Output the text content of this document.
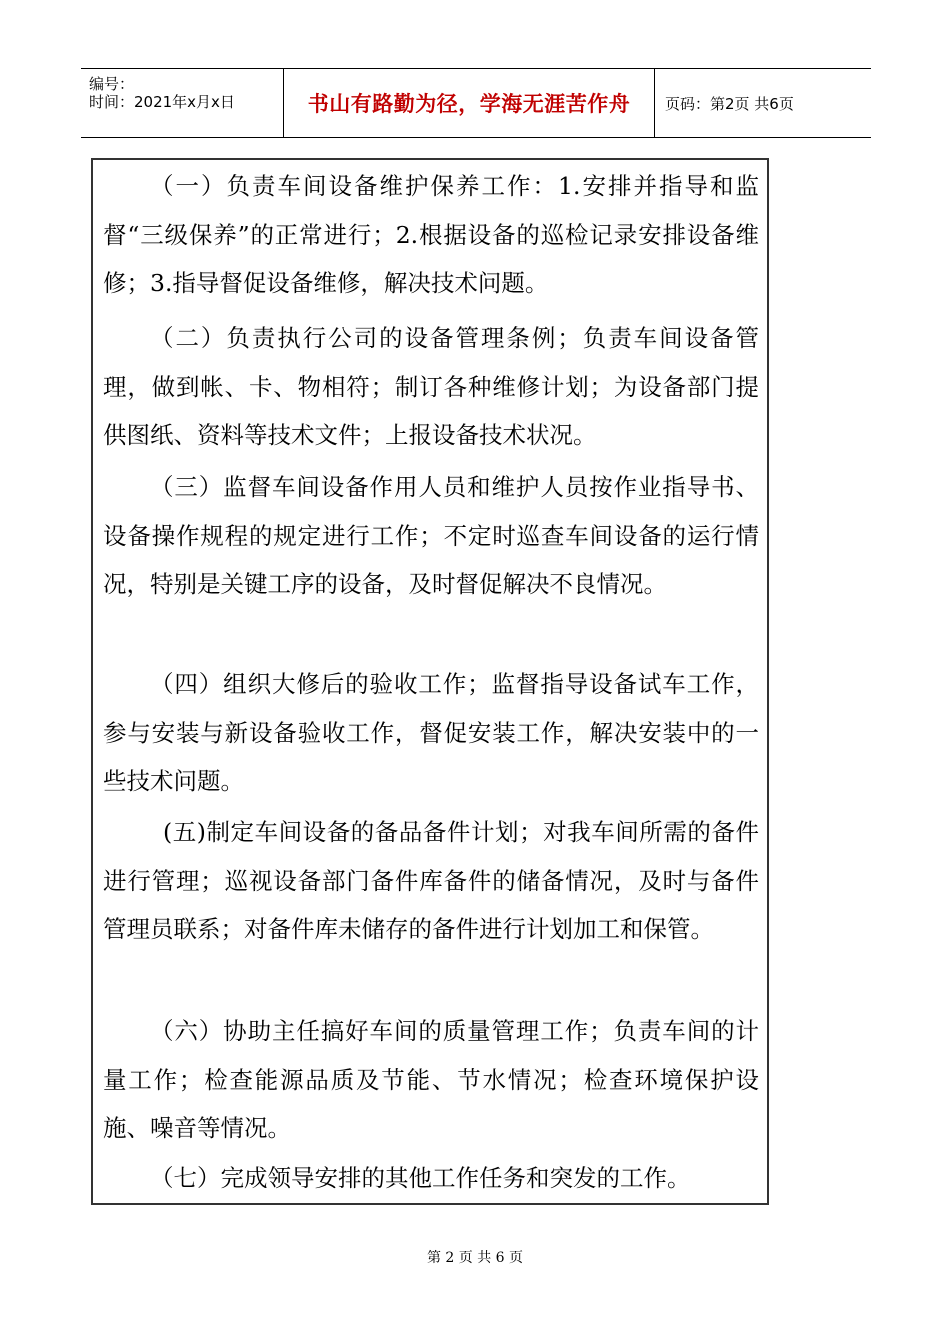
编号：
时间：2021年x月x日	书山有路勤为径，学海无涯苦作舟 页码：第2页 共6页

（一）负责车间设备维护保养工作：1.安排并指导和监督“三级保养”的正常进行；2.根据设备的巡检记录安排设备维修；3.指导督促设备维修，解决技术问题。

（二）负责执行公司的设备管理条例；负责车间设备管理，做到帐、卡、物相符；制订各种维修计划；为设备部门提供图纸、资料等技术文件；上报设备技术状况。

（三）监督车间设备作用人员和维护人员按作业指导书、设备操作规程的规定进行工作；不定时巡查车间设备的运行情况，特别是关键工序的设备，及时督促解决不良情况。

（四）组织大修后的验收工作；监督指导设备试车工作，参与安装与新设备验收工作，督促安装工作，解决安装中的一些技术问题。

(五)制定车间设备的备品备件计划；对我车间所需的备件进行管理；巡视设备部门备件库备件的储备情况，及时与备件管理员联系；对备件库未储存的备件进行计划加工和保管。

（六）协助主任搞好车间的质量管理工作；负责车间的计量工作；检查能源品质及节能、节水情况；检查环境保护设施、噪音等情况。

（七）完成领导安排的其他工作任务和突发的工作。

第 2 页 共 6 页
